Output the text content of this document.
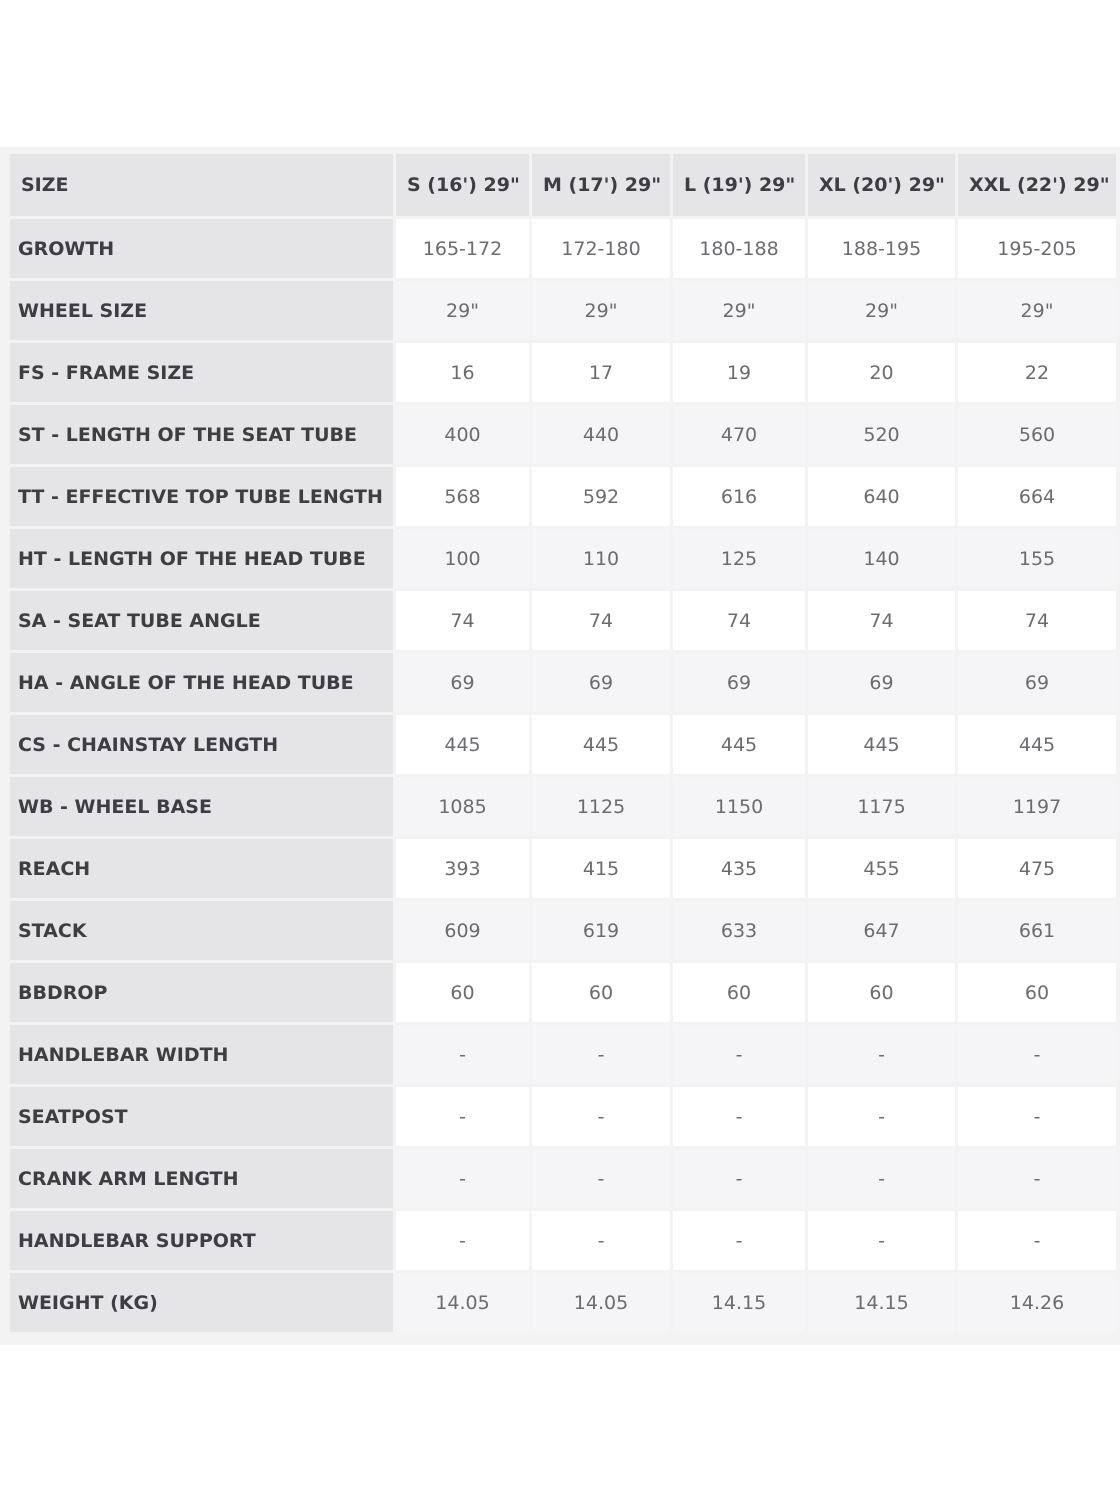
SIZE	S (16') 29"	M (17') 29"	L (19') 29"	XL (20') 29"	XXL (22') 29"
GROWTH	165-172	172-180	180-188	188-195	195-205
WHEEL SIZE	29"	29"	29"	29"	29"
FS - FRAME SIZE	16	17	19	20	22
ST - LENGTH OF THE SEAT TUBE	400	440	470	520	560
TT - EFFECTIVE TOP TUBE LENGTH	568	592	616	640	664
HT - LENGTH OF THE HEAD TUBE	100	110	125	140	155
SA - SEAT TUBE ANGLE	74	74	74	74	74
HA - ANGLE OF THE HEAD TUBE	69	69	69	69	69
CS - CHAINSTAY LENGTH	445	445	445	445	445
WB - WHEEL BASE	1085	1125	1150	1175	1197
REACH	393	415	435	455	475
STACK	609	619	633	647	661
BBDROP	60	60	60	60	60
HANDLEBAR WIDTH	-	-	-	-	-
SEATPOST	-	-	-	-	-
CRANK ARM LENGTH	-	-	-	-	-
HANDLEBAR SUPPORT	-	-	-	-	-
WEIGHT (KG)	14.05	14.05	14.15	14.15	14.26
